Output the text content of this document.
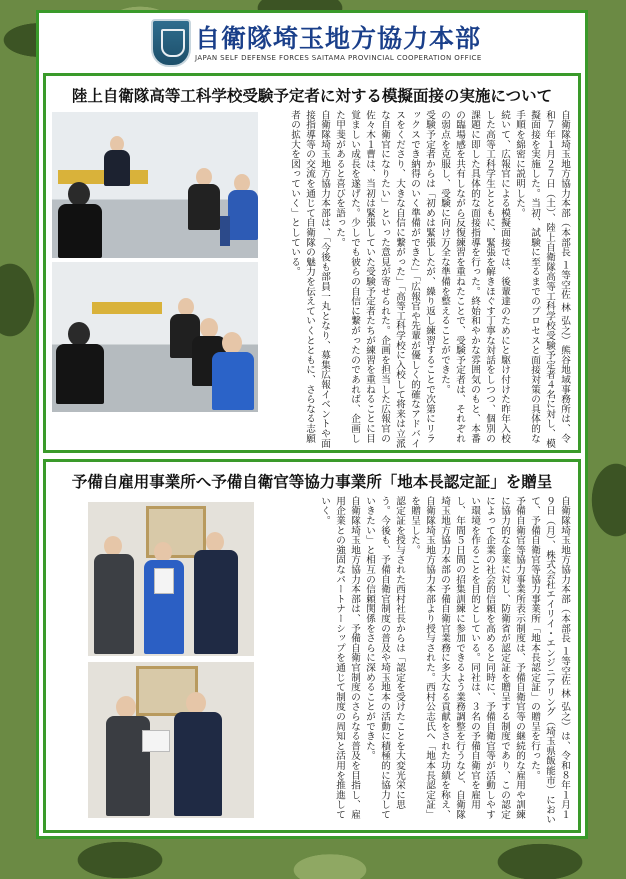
自衛隊埼玉地方協力本部
JAPAN SELF DEFENSE FORCES SAITAMA PROVINCIAL COOPERATION OFFICE
陸上自衛隊高等工科学校受験予定者に対する模擬面接の実施について

自衛隊埼玉地方協力本部（本部長 １等空佐 林 弘之）熊谷地域事務所は、令和７年１月２７日（土）、陸上自衛隊高等工科学校受験予定者４名に対し、模擬面接を実施した。当初、試験に至るまでのプロセスと面接対策の具体的な手順を綿密に説明した。

続いて、広報官による模擬面接では、後輩達のためにと駆け付けた昨年入校した高等工科学生とともに、緊張を解きほぐす丁寧な対話をしつつ、個別の課題に即した具体的な面接指導を行った。終始和やかな雰囲気のもと、本番の臨場感を共有しながら反復練習を重ねたことで、受験予定者は、それぞれの弱点を克服し、受験に向け万全な準備を整えることができた。

受験予定者からは「初めは緊張したが、繰り返し練習することで次第にリラックスでき納得のいく準備ができた」「広報官や先輩が優しく的確なアドバイスをくださり、大きな自信に繋がった」「高等工科学校に入校して将来は立派な自衛官になりたい」といった意見が寄せられた。企画を担当した広報官の佐々木１曹は、当初は緊張していた受験予定者たちが練習を重ねることに目覚ましい成長を遂げた。少しでも彼らの自信に繋がったのであれば、企画した甲斐があると喜びを語った。

自衛隊埼玉地方協力本部は、「今後も部員一丸となり、募集広報イベントや面接指導等の交流を通じて自衛隊の魅力を伝えていくとともに、さらなる志願者の拡大を図っていく」としている。

予備自雇用事業所へ予備自衛官等協力事業所「地本長認定証」を贈呈

自衛隊埼玉地方協力本部（本部長 １等空佐 林 弘之）は、令和８年１月１９日（月）、株式会社エイリイ・エンジニアリング（埼玉県飯能市）において、予備自衛官等協力事業所「地本長認定証」の贈呈を行った。

予備自衛官等協力事業所表示制度は、予備自衛官等の継続的な雇用や訓練に協力的な企業に対し、防衛省が認定証を贈呈する制度であり、この認定によって企業の社会的信頼を高めると同時に、予備自衛官等が活動しやすい環境を作ることを目的としている。同社は、３名の予備自衛官を雇用し、年間５日間の招集訓練に参加できるよう業務調整を行うなど、自衛隊埼玉地方協力本部の予備自衛官業務に多大なる貢献をされた功績を称え、自衛隊埼玉地方協力本部より授与された。西村公志氏へ「地本長認定証」を贈呈した。

認定証を授与された西村社長からは「認定を受けたことを大変光栄に思う。今後も、予備自衛官制度の普及や埼玉地本の活動に積極的に協力していきたい」と相互の信頼関係をさらに深めることができた。

自衛隊埼玉地方協力本部は、予備自衛官制度のさらなる普及を目指し、雇用企業との強固なパートナーシップを通じて制度の周知と活用を推進していく。
